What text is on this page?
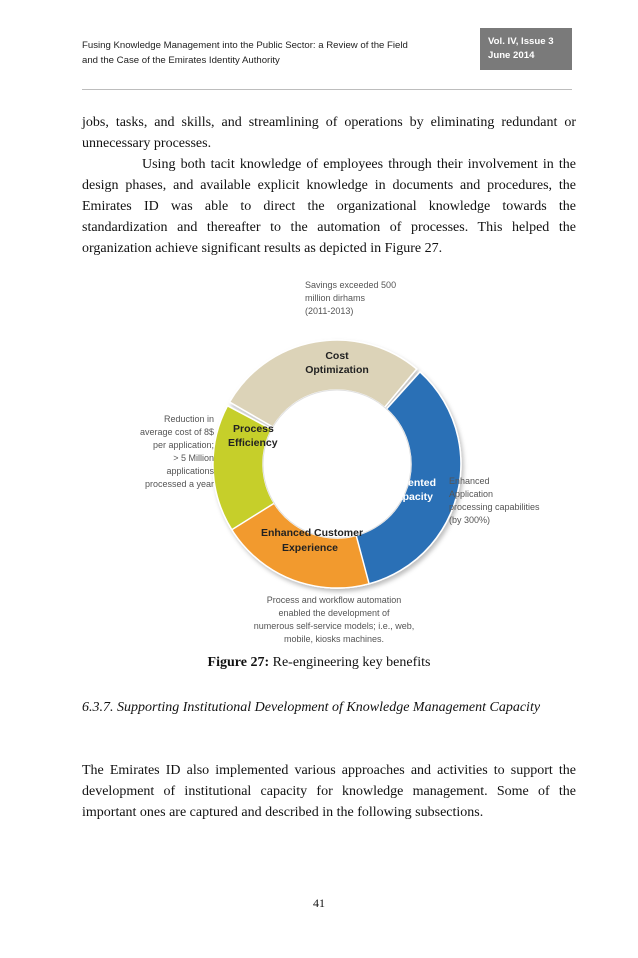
Fusing Knowledge Management into the Public Sector: a Review of the Field
and the Case of the Emirates Identity Authority
Vol. IV, Issue 3
June 2014

jobs, tasks, and skills, and streamlining of operations by eliminating redundant or unnecessary processes.

Using both tacit knowledge of employees through their involvement in the design phases, and available explicit knowledge in documents and procedures, the Emirates ID was able to direct the organizational knowledge towards the standardization and thereafter to the automation of processes. This helped the organization achieve significant results as depicted in Figure 27.

Cost
Optimization
Augmented
Capacity
Enhanced Customer
Experience
Process
Efficiency
Savings exceeded 500
million dirhams
(2011-2013)
Enhanced
Application
processing capabilities
(by 300%)
Process and workflow automation
enabled the development of
numerous self-service models; i.e., web,
mobile, kiosks machines.
Reduction in
average cost of 8$
per application;
> 5 Million
applications
processed a year
Figure 27: Re-engineering key benefits

6.3.7. Supporting Institutional Development of Knowledge Management Capacity

The Emirates ID also implemented various approaches and activities to support the development of institutional capacity for knowledge management. Some of the important ones are captured and described in the following subsections.

41
